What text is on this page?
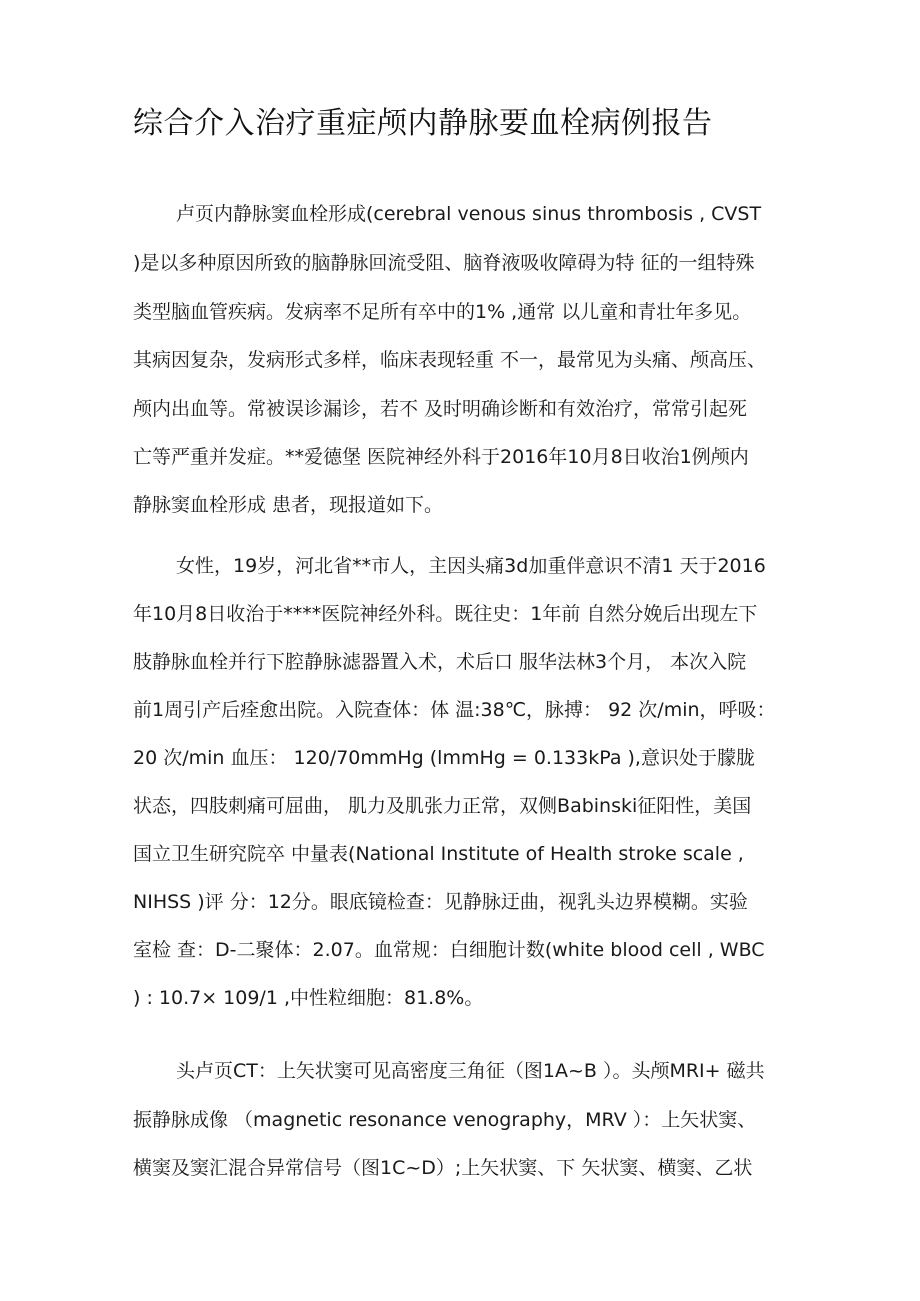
综合介入治疗重症颅内静脉要血栓病例报告

卢页内静脉窦血栓形成(cerebral venous sinus thrombosis , CVST

)是以多种原因所致的脑静脉回流受阻、脑脊液吸收障碍为特 征的一组特殊

类型脑血管疾病。发病率不足所有卒中的1% ,通常 以儿童和青壮年多见。

其病因复杂，发病形式多样，临床表现轻重 不一，最常见为头痛、颅高压、

颅内出血等。常被误诊漏诊，若不 及时明确诊断和有效治疗，常常引起死

亡等严重并发症。**爱德堡 医院神经外科于2016年10月8日收治1例颅内

静脉窦血栓形成 患者，现报道如下。

女性，19岁，河北省**市人，主因头痛3d加重伴意识不清1 天于2016

年10月8日收治于****医院神经外科。既往史：1年前 自然分娩后出现左下

肢静脉血栓并行下腔静脉滤器置入术，术后口 服华法林3个月， 本次入院

前1周引产后痊愈出院。入院查体：体 温:38℃，脉搏： 92 次/min，呼吸：

20 次/min 血压： 120/70mmHg (lmmHg = 0.133kPa ),意识处于朦胧

状态，四肢刺痛可屈曲， 肌力及肌张力正常，双侧Babinski征阳性，美国

国立卫生研究院卒 中量表(National Institute of Health stroke scale ,

NIHSS )评 分：12分。眼底镜检查：见静脉迂曲，视乳头边界模糊。实验

室检 查：D-二聚体：2.07。血常规：白细胞计数(white blood cell , WBC

) : 10.7× 109/1 ,中性粒细胞：81.8%。

头卢页CT：上矢状窦可见高密度三角征（图1A~B ）。头颅MRI+ 磁共

振静脉成像 （magnetic resonance venography，MRV ）：上矢状窦、

横窦及窦汇混合异常信号（图1C~D）;上矢状窦、下 矢状窦、横窦、乙状
